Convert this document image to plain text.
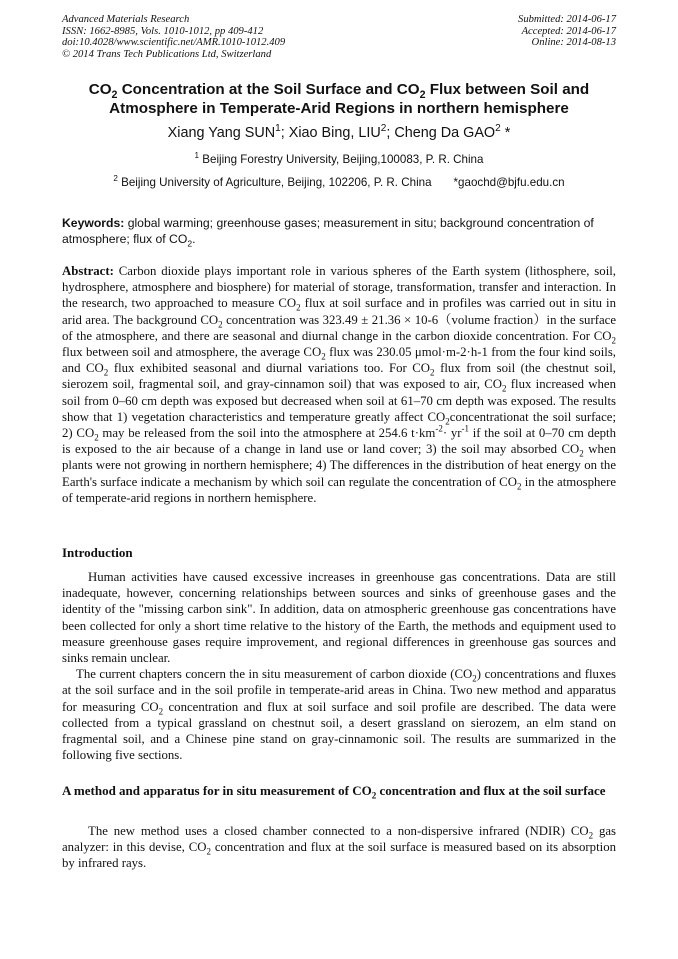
Advanced Materials Research
ISSN: 1662-8985, Vols. 1010-1012, pp 409-412
doi:10.4028/www.scientific.net/AMR.1010-1012.409
© 2014 Trans Tech Publications Ltd, Switzerland
Submitted: 2014-06-17
Accepted: 2014-06-17
Online: 2014-08-13
$CO_2$ Concentration at the Soil Surface and $CO_2$ Flux between Soil and
Atmosphere in Temperate-Arid Regions in northern hemisphere
Xiang Yang SUN$^1$; Xiao Bing, LIU$^2$; Cheng Da GAO$^2$ *
$^1$ Beijing Forestry University, Beijing,100083, P. R. China
$^2$ Beijing University of Agriculture, Beijing, 102206, P. R. China *gaochd@bjfu.edu.cn
Keywords: global warming; greenhouse gases; measurement in situ; background concentration of atmosphere; flux of $CO_2$.
Abstract: Carbon dioxide plays important role in various spheres of the Earth system (lithosphere, soil, hydrosphere, atmosphere and biosphere) for material of storage, transformation, transfer and interaction. In the research, two approached to measure $CO_2$ flux at soil surface and in profiles was carried out in situ in arid area. The background $CO_2$ concentration was 323.49 ± 21.36 × 10-6（volume fraction）in the surface of the atmosphere, and there are seasonal and diurnal change in the carbon dioxide concentration. For $CO_2$ flux between soil and atmosphere, the average $CO_2$ flux was 230.05 μmol·m-2·h-1 from the four kind soils, and $CO_2$ flux exhibited seasonal and diurnal variations too. For $CO_2$ flux from soil (the chestnut soil, sierozem soil, fragmental soil, and gray-cinnamon soil) that was exposed to air, $CO_2$ flux increased when soil from 0–60 cm depth was exposed but decreased when soil at 61–70 cm depth was exposed. The results show that 1) vegetation characteristics and temperature greatly affect $CO_2concentrationat$ the soil surface; 2) $CO_2$ may be released from the soil into the atmosphere at 254.6 $t\cdot km^{-2}\cdot yr^{-1}$ if the soil at 0–70 cm depth is exposed to the air because of a change in land use or land cover; 3) the soil may absorbed $CO_2$ when plants were not growing in northern hemisphere; 4) The differences in the distribution of heat energy on the Earth's surface indicate a mechanism by which soil can regulate the concentration of $CO_2$ in the atmosphere of temperate-arid regions in northern hemisphere.
Introduction

Human activities have caused excessive increases in greenhouse gas concentrations. Data are still inadequate, however, concerning relationships between sources and sinks of greenhouse gases and the identity of the "missing carbon sink". In addition, data on atmospheric greenhouse gas concentrations have been collected for only a short time relative to the history of the Earth, the methods and equipment used to measure greenhouse gases require improvement, and regional differences in greenhouse gas sources and sinks remain unclear.

The current chapters concern the in situ measurement of carbon dioxide $(CO_2)$ concentrations and fluxes at the soil surface and in the soil profile in temperate-arid areas in China. Two new method and apparatus for measuring $CO_2$ concentration and flux at soil surface and soil profile are described. The data were collected from a typical grassland on chestnut soil, a desert grassland on sierozem, an elm stand on fragmental soil, and a Chinese pine stand on gray-cinnamonic soil. The results are summarized in the following five sections.

A method and apparatus for in situ measurement of $CO_2$ concentration and flux at the soil surface

The new method uses a closed chamber connected to a non-dispersive infrared (NDIR) $CO_2$ gas analyzer: in this devise, $CO_2$ concentration and flux at the soil surface is measured based on its absorption by infrared rays.
